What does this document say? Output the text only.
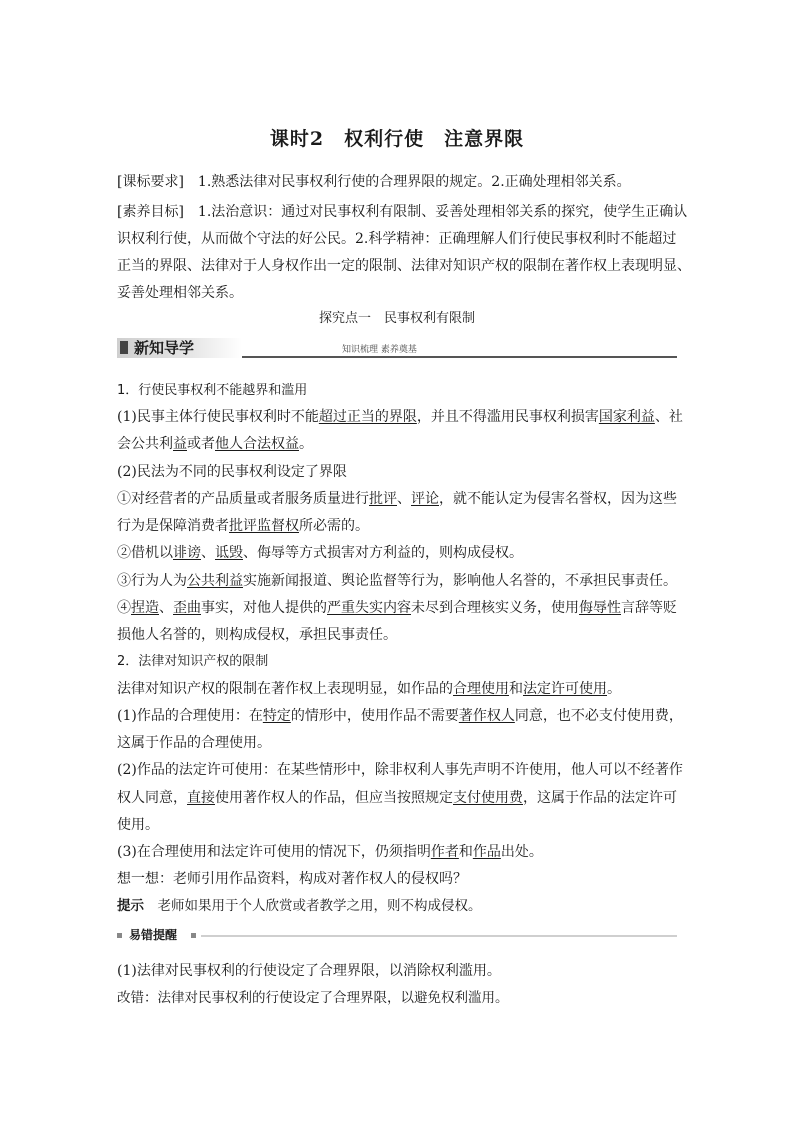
课时2　权利行使　注意界限
[课标要求]　1.熟悉法律对民事权利行使的合理界限的规定。2.正确处理相邻关系。
[素养目标]　1.法治意识：通过对民事权利有限制、妥善处理相邻关系的探究，使学生正确认
识权利行使，从而做个守法的好公民。2.科学精神：正确理解人们行使民事权利时不能超过
正当的界限、法律对于人身权作出一定的限制、法律对知识产权的限制在著作权上表现明显、
妥善处理相邻关系。
探究点一　民事权利有限制
新知导学	知识梳理 素养奠基
1．行使民事权利不能越界和滥用
(1)民事主体行使民事权利时不能超过正当的界限，并且不得滥用民事权利损害国家利益、社
会公共利益或者他人合法权益。
(2)民法为不同的民事权利设定了界限
①对经营者的产品质量或者服务质量进行批评、评论，就不能认定为侵害名誉权，因为这些
行为是保障消费者批评监督权所必需的。
②借机以诽谤、诋毁、侮辱等方式损害对方利益的，则构成侵权。
③行为人为公共利益实施新闻报道、舆论监督等行为，影响他人名誉的，不承担民事责任。
④捏造、歪曲事实，对他人提供的严重失实内容未尽到合理核实义务，使用侮辱性言辞等贬
损他人名誉的，则构成侵权，承担民事责任。
2．法律对知识产权的限制
法律对知识产权的限制在著作权上表现明显，如作品的合理使用和法定许可使用。
(1)作品的合理使用：在特定的情形中，使用作品不需要著作权人同意，也不必支付使用费，
这属于作品的合理使用。
(2)作品的法定许可使用：在某些情形中，除非权利人事先声明不许使用，他人可以不经著作
权人同意，直接使用著作权人的作品，但应当按照规定支付使用费，这属于作品的法定许可
使用。
(3)在合理使用和法定许可使用的情况下，仍须指明作者和作品出处。
想一想：老师引用作品资料，构成对著作权人的侵权吗？
提示　老师如果用于个人欣赏或者教学之用，则不构成侵权。
易错提醒
(1)法律对民事权利的行使设定了合理界限，以消除权利滥用。
改错：法律对民事权利的行使设定了合理界限，以避免权利滥用。
